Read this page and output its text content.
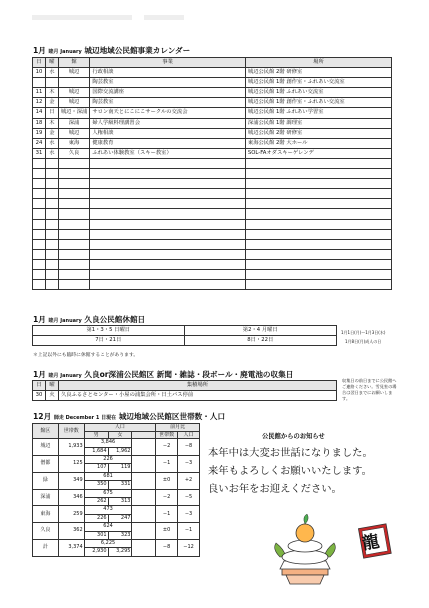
1月 睦月 January 城辺地域公民館事業カレンダー
日	曜	館	事業	場所
10	水	城辺	行政相談	城辺公民館 2階 研修室
			陶芸教室	城辺公民館 1階 創作室・ふれあい交流室
11	木	城辺	国際交流講座	城辺公民館 1階 ふれあい交流室
12	金	城辺	陶芸教室	城辺公民館 1階 創作室・ふれあい交流室
14	日	城辺・深浦	サロン南天とにこにこサークルの交流会	城辺公民館 1階 ふれあい学習室
18	木	深浦	婦人学級料理講習会	深浦公民館 1階 調理室
19	金	城辺	人権相談	城辺公民館 2階 研修室
24	水	東海	健康教育	東海公民館 2階 大ホール
31	水	久良	ふれあい体験教室（スキー教室）	SOL-FAオダスキーゲレンデ

1月 睦月 January 久良公民館休館日
第1・3・5 日曜日	第2・4 月曜日
7日・21日	8日・22日
1月1日(月)～1月3日(水)
1月8日(月)成人の日
＊上記以外にも臨時に休館することがあります。
1月 睦月 January 久良or深浦公民館区 新聞・雑誌・段ボール・廃電池の収集日
日	曜	集積場所
30	火	久良ふるさとセンター・小屋の浦集会所・日土バス停前
収集日の前日までに公民館へご連絡ください。雪見室の場合は翌日までにお願いします。
12月 師走 December 1 日現在 城辺地域公民館区世帯数・人口
館区	世帯数	人口			前月比	
		男	女		世帯数	人口
城辺	1,933	3,846			−2	−8
		1,684	1,962			
僧都	125	226			−1	−3
		107	119			
緑	349	681			±0	+2
		350	331			
深浦	346	675			−2	−5
		262	313			
東海	259	473			−1	−3
		226	247			
久良	362	624			±0	−1
		301	323			
計	3,374	6,225			−8	−12
		2,930	3,295			
公民館からのお知らせ
本年中は大変お世話になりました。
来年もよろしくお願いいたします。
良いお年をお迎えください。
龍
